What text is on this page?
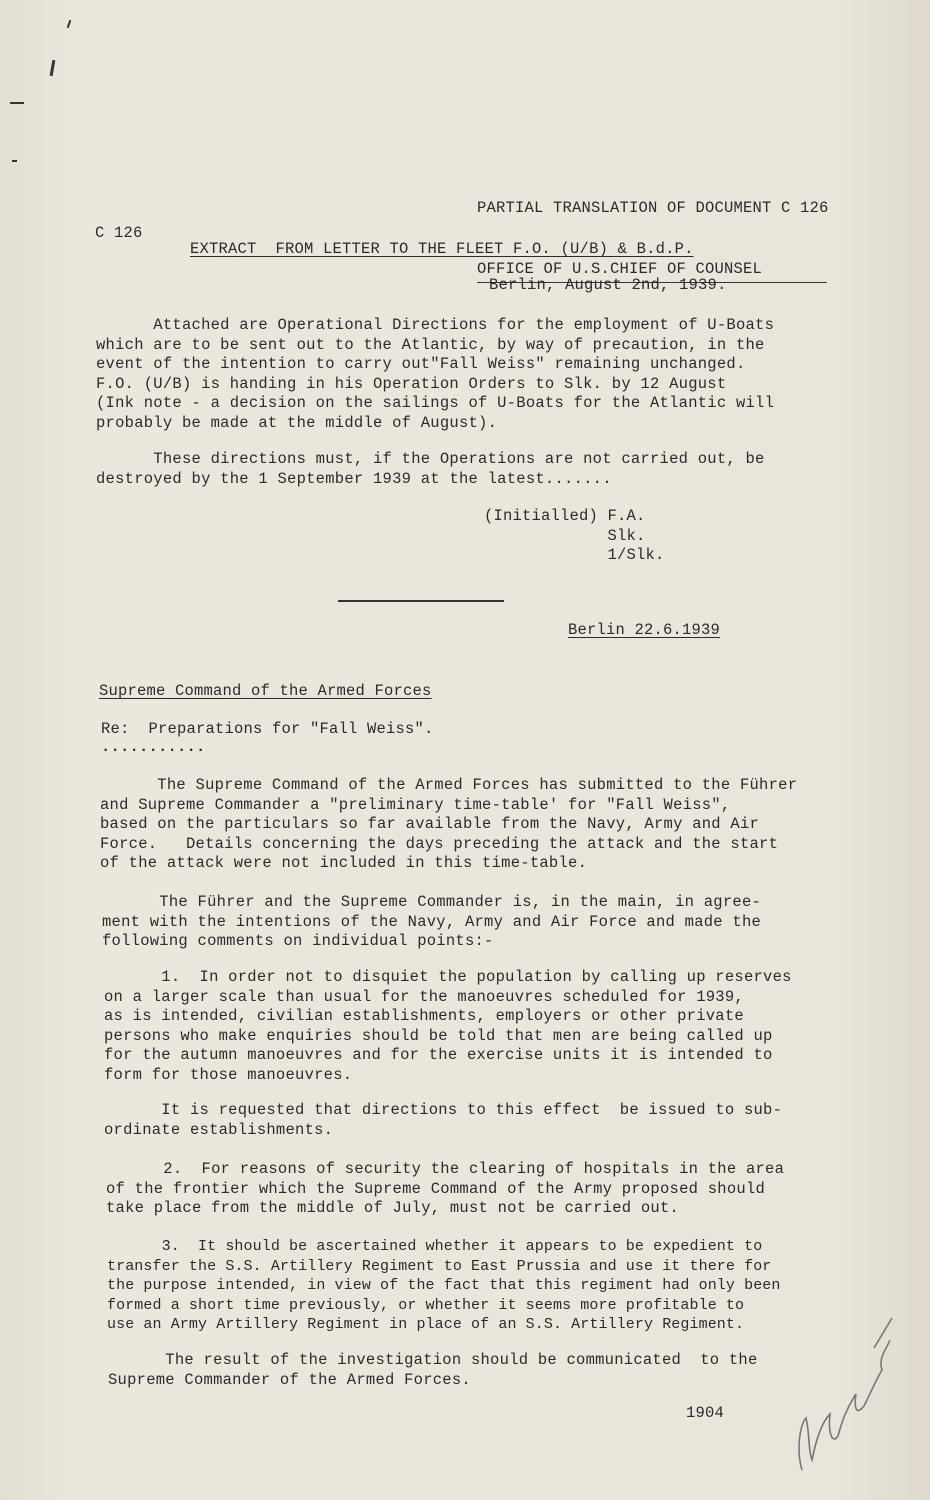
PARTIAL TRANSLATION OF DOCUMENT C 126

OFFICE OF U.S.CHIEF OF COUNSEL

C 126
EXTRACT  FROM LETTER TO THE FLEET F.O. (U/B) & B.d.P.
Berlin, August 2nd, 1939.
Attached are Operational Directions for the employment of U-Boats
which are to be sent out to the Atlantic, by way of precaution, in the
event of the intention to carry out"Fall Weiss" remaining unchanged.
F.O. (U/B) is handing in his Operation Orders to Slk. by 12 August
(Ink note - a decision on the sailings of U-Boats for the Atlantic will
probably be made at the middle of August).
These directions must, if the Operations are not carried out, be
destroyed by the 1 September 1939 at the latest.......
(Initialled) F.A.
Slk.
1/Slk.
Berlin 22.6.1939
Supreme Command of the Armed Forces
Re:  Preparations for "Fall Weiss".
...........
The Supreme Command of the Armed Forces has submitted to the Führer
and Supreme Commander a "preliminary time-table' for "Fall Weiss",
based on the particulars so far available from the Navy, Army and Air
Force.   Details concerning the days preceding the attack and the start
of the attack were not included in this time-table.
The Führer and the Supreme Commander is, in the main, in agree-
ment with the intentions of the Navy, Army and Air Force and made the
following comments on individual points:-
1.  In order not to disquiet the population by calling up reserves
on a larger scale than usual for the manoeuvres scheduled for 1939,
as is intended, civilian establishments, employers or other private
persons who make enquiries should be told that men are being called up
for the autumn manoeuvres and for the exercise units it is intended to
form for those manoeuvres.
It is requested that directions to this effect  be issued to sub-
ordinate establishments.
2.  For reasons of security the clearing of hospitals in the area
of the frontier which the Supreme Command of the Army proposed should
take place from the middle of July, must not be carried out.
3.  It should be ascertained whether it appears to be expedient to
transfer the S.S. Artillery Regiment to East Prussia and use it there for
the purpose intended, in view of the fact that this regiment had only been
formed a short time previously, or whether it seems more profitable to
use an Army Artillery Regiment in place of an S.S. Artillery Regiment.
The result of the investigation should be communicated  to the
Supreme Commander of the Armed Forces.
1904
